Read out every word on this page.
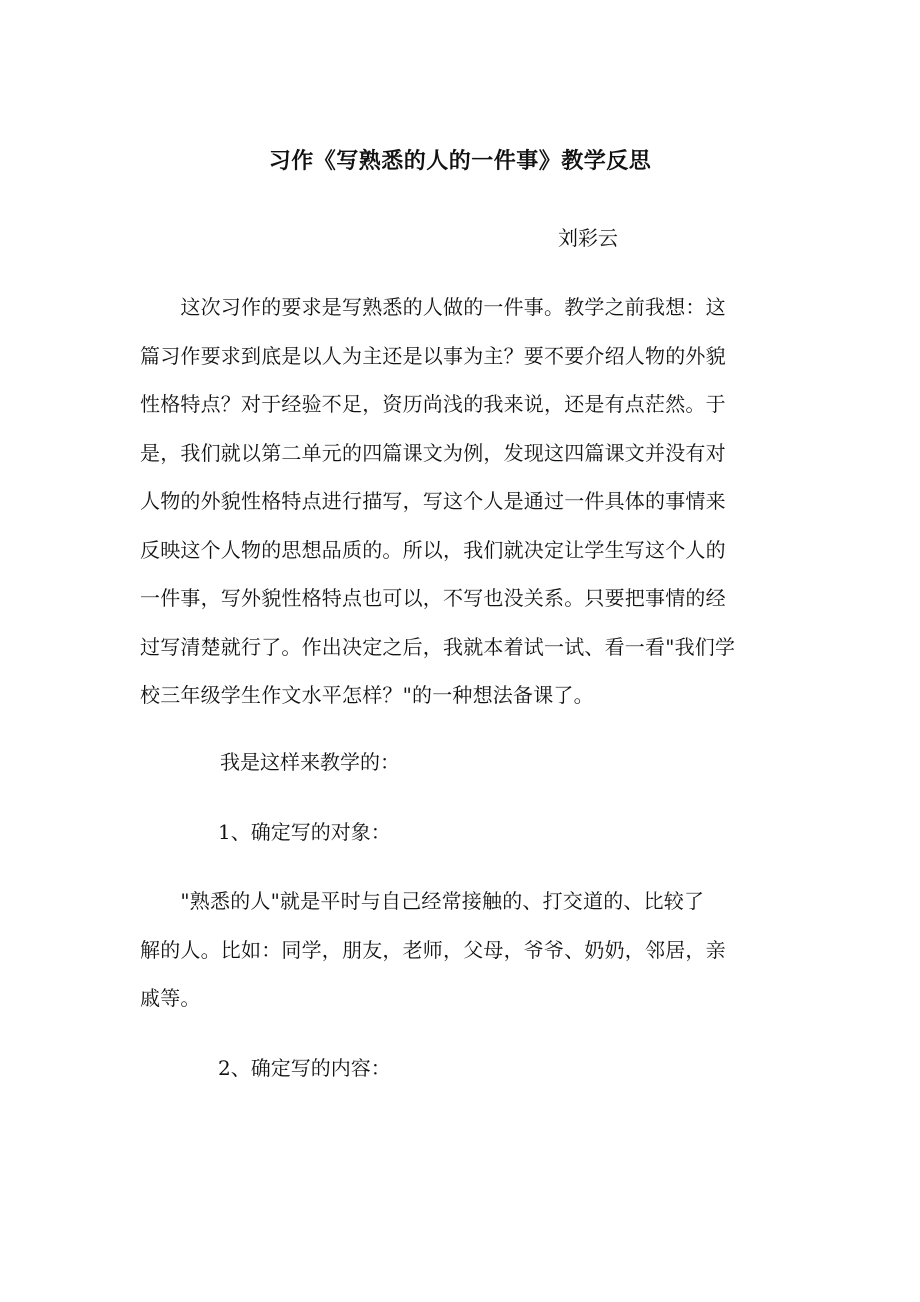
习作《写熟悉的人的一件事》教学反思
刘彩云
　　这次习作的要求是写熟悉的人做的一件事。教学之前我想：这
篇习作要求到底是以人为主还是以事为主？要不要介绍人物的外貌
性格特点？对于经验不足，资历尚浅的我来说，还是有点茫然。于
是，我们就以第二单元的四篇课文为例，发现这四篇课文并没有对
人物的外貌性格特点进行描写，写这个人是通过一件具体的事情来
反映这个人物的思想品质的。所以，我们就决定让学生写这个人的
一件事，写外貌性格特点也可以，不写也没关系。只要把事情的经
过写清楚就行了。作出决定之后，我就本着试一试、看一看"我们学
校三年级学生作文水平怎样？"的一种想法备课了。
我是这样来教学的：
1、确定写的对象：
　　"熟悉的人"就是平时与自己经常接触的、打交道的、比较了
解的人。比如：同学，朋友，老师，父母，爷爷、奶奶，邻居，亲
戚等。
2、确定写的内容：
